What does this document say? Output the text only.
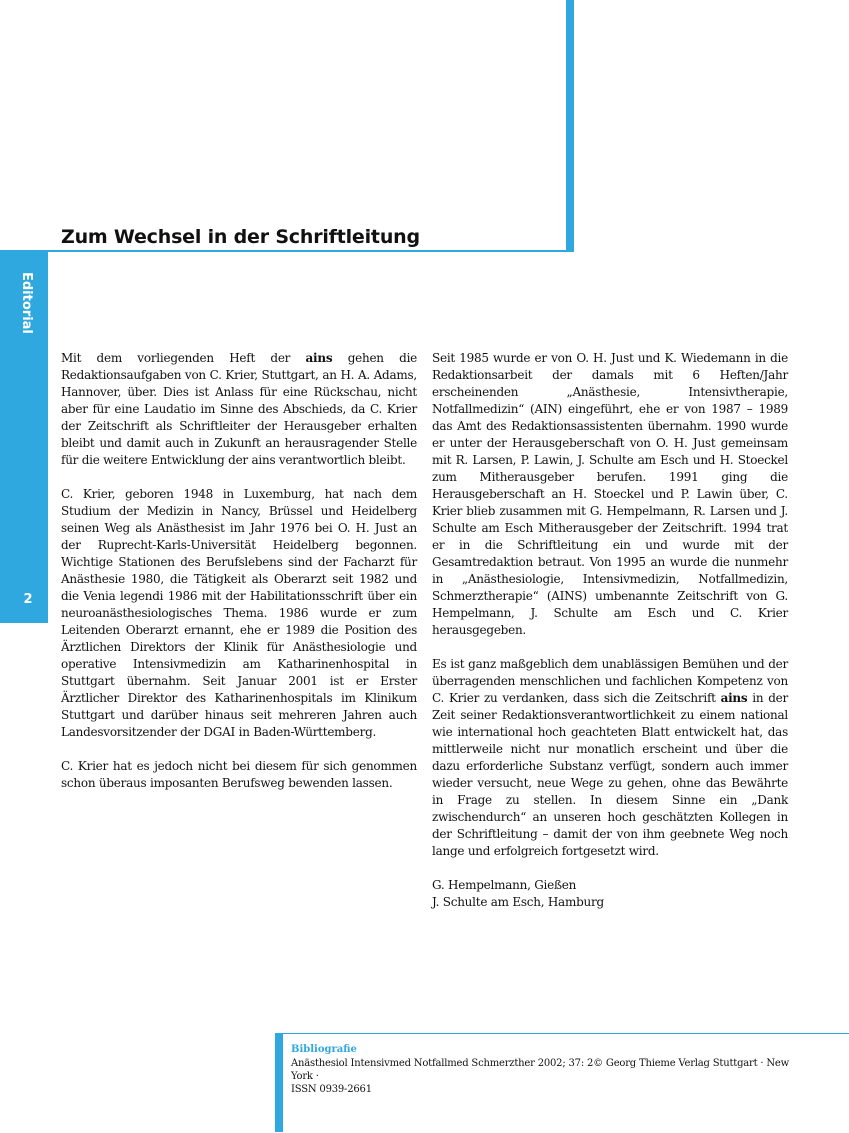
Zum Wechsel in der Schriftleitung
Editorial
2

Mit dem vorliegenden Heft der ains gehen die Redaktionsaufgaben von C. Krier, Stuttgart, an H. A. Adams, Hannover, über. Dies ist Anlass für eine Rückschau, nicht aber für eine Laudatio im Sinne des Abschieds, da C. Krier der Zeitschrift als Schriftleiter der Herausgeber erhalten bleibt und damit auch in Zukunft an herausragender Stelle für die weitere Entwicklung der ains verantwortlich bleibt.

C. Krier, geboren 1948 in Luxemburg, hat nach dem Studium der Medizin in Nancy, Brüssel und Heidelberg seinen Weg als Anästhesist im Jahr 1976 bei O. H. Just an der Ruprecht-Karls-Universität Heidelberg begonnen. Wichtige Stationen des Berufslebens sind der Facharzt für Anästhesie 1980, die Tätigkeit als Oberarzt seit 1982 und die Venia legendi 1986 mit der Habilitationsschrift über ein neuroanästhesiologisches Thema. 1986 wurde er zum Leitenden Oberarzt ernannt, ehe er 1989 die Position des Ärztlichen Direktors der Klinik für Anästhesiologie und operative Intensivmedizin am Katharinenhospital in Stuttgart übernahm. Seit Januar 2001 ist er Erster Ärztlicher Direktor des Katharinenhospitals im Klinikum Stuttgart und darüber hinaus seit mehreren Jahren auch Landesvorsitzender der DGAI in Baden-Württemberg.

C. Krier hat es jedoch nicht bei diesem für sich genommen schon überaus imposanten Berufsweg bewenden lassen.

Seit 1985 wurde er von O. H. Just und K. Wiedemann in die Redaktionsarbeit der damals mit 6 Heften/Jahr erscheinenden „Anästhesie, Intensivtherapie, Notfallmedizin“ (AIN) eingeführt, ehe er von 1987 – 1989 das Amt des Redaktionsassistenten übernahm. 1990 wurde er unter der Herausgeberschaft von O. H. Just gemeinsam mit R. Larsen, P. Lawin, J. Schulte am Esch und H. Stoeckel zum Mitherausgeber berufen. 1991 ging die Herausgeberschaft an H. Stoeckel und P. Lawin über, C. Krier blieb zusammen mit G. Hempelmann, R. Larsen und J. Schulte am Esch Mitherausgeber der Zeitschrift. 1994 trat er in die Schriftleitung ein und wurde mit der Gesamtredaktion betraut. Von 1995 an wurde die nunmehr in „Anästhesiologie, Intensivmedizin, Notfallmedizin, Schmerztherapie“ (AINS) umbenannte Zeitschrift von G. Hempelmann, J. Schulte am Esch und C. Krier herausgegeben.

Es ist ganz maßgeblich dem unablässigen Bemühen und der überragenden menschlichen und fachlichen Kompetenz von C. Krier zu verdanken, dass sich die Zeitschrift ains in der Zeit seiner Redaktionsverantwortlichkeit zu einem national wie international hoch geachteten Blatt entwickelt hat, das mittlerweile nicht nur monatlich erscheint und über die dazu erforderliche Substanz verfügt, sondern auch immer wieder versucht, neue Wege zu gehen, ohne das Bewährte in Frage zu stellen. In diesem Sinne ein „Dank zwischendurch“ an unseren hoch geschätzten Kollegen in der Schriftleitung – damit der von ihm geebnete Weg noch lange und erfolgreich fortgesetzt wird.

G. Hempelmann, Gießen

J. Schulte am Esch, Hamburg

Bibliografie
Anästhesiol Intensivmed Notfallmed Schmerzther 2002; 37: 2© Georg Thieme Verlag Stuttgart · New York ·
ISSN 0939-2661
